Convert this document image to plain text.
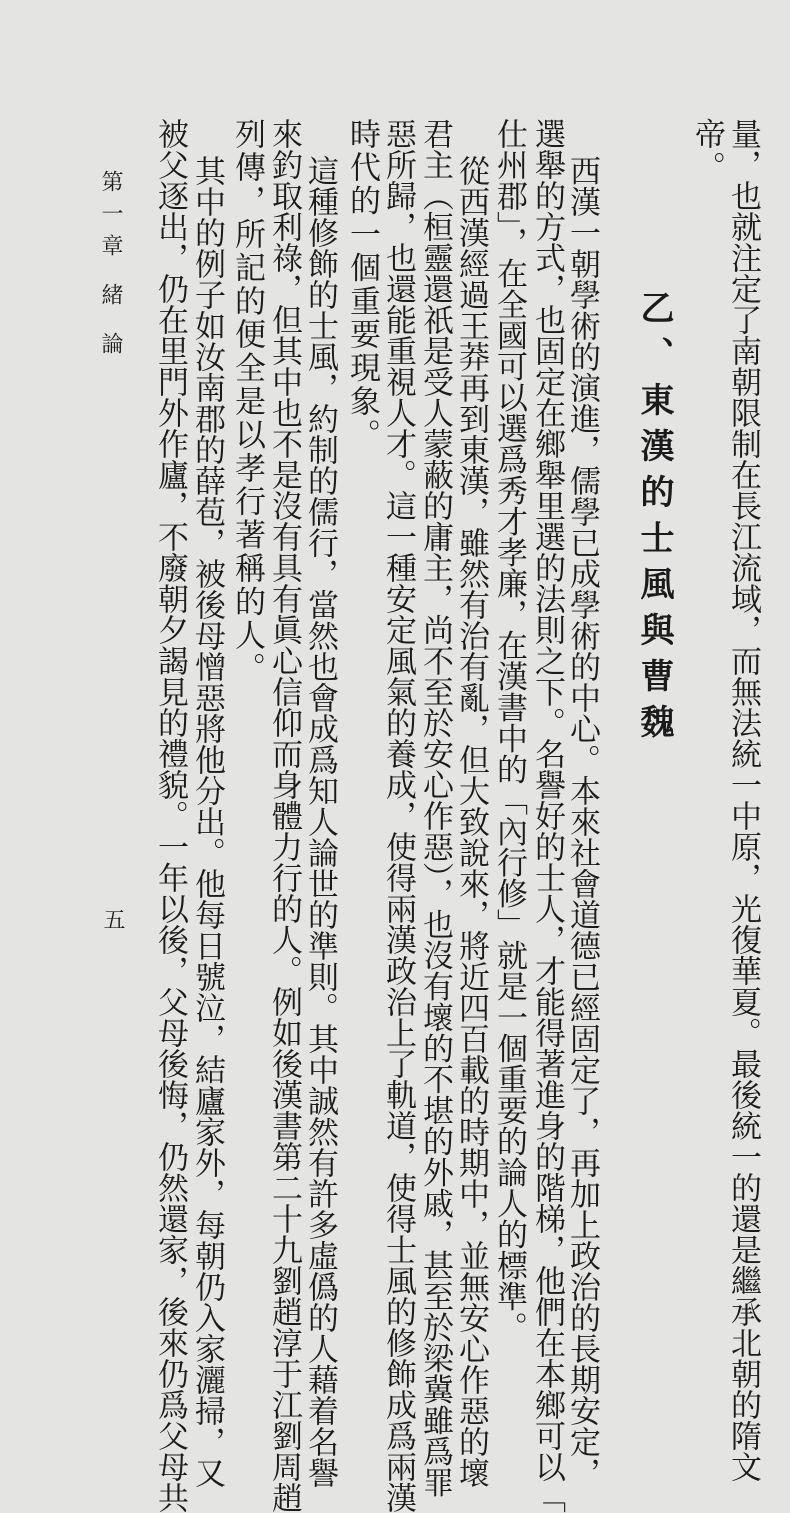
量，也就注定了南朝限制在長江流域，而無法統一中原，光復華夏。最後統一的還是繼承北朝的隋文
帝。
乙、東漢的士風與曹魏
西漢一朝學術的演進，儒學已成學術的中心。本來社會道德已經固定了，再加上政治的長期安定，
選舉的方式，也固定在鄉舉里選的法則之下。名譽好的士人，才能得著進身的階梯，他們在本鄉可以「
仕州郡」，在全國可以選爲秀才孝廉，在漢書中的「內行修」就是一個重要的論人的標準。
從西漢經過王莽再到東漢，雖然有治有亂，但大致說來，將近四百載的時期中，並無安心作惡的壞
君主（桓靈還祇是受人蒙蔽的庸主，尚不至於安心作惡），也沒有壞的不堪的外戚，甚至於梁冀雖爲罪
惡所歸，也還能重視人才。這一種安定風氣的養成，使得兩漢政治上了軌道，使得士風的修飾成爲兩漢
時代的一個重要現象。
這種修飾的士風，約制的儒行，當然也會成爲知人論世的準則。其中誠然有許多虛僞的人藉着名譽
來釣取利祿，但其中也不是沒有具有眞心信仰而身體力行的人。例如後漢書第二十九劉趙淳于江劉周趙
列傳，所記的便全是以孝行著稱的人。
其中的例子如汝南郡的薛苞，被後母憎惡將他分出。他每日號泣，結廬家外，每朝仍入家灑掃，又
被父逐出，仍在里門外作廬，不廢朝夕謁見的禮貌。一年以後，父母後悔，仍然還家，後來仍爲父母共
第一章 緒 論
五
